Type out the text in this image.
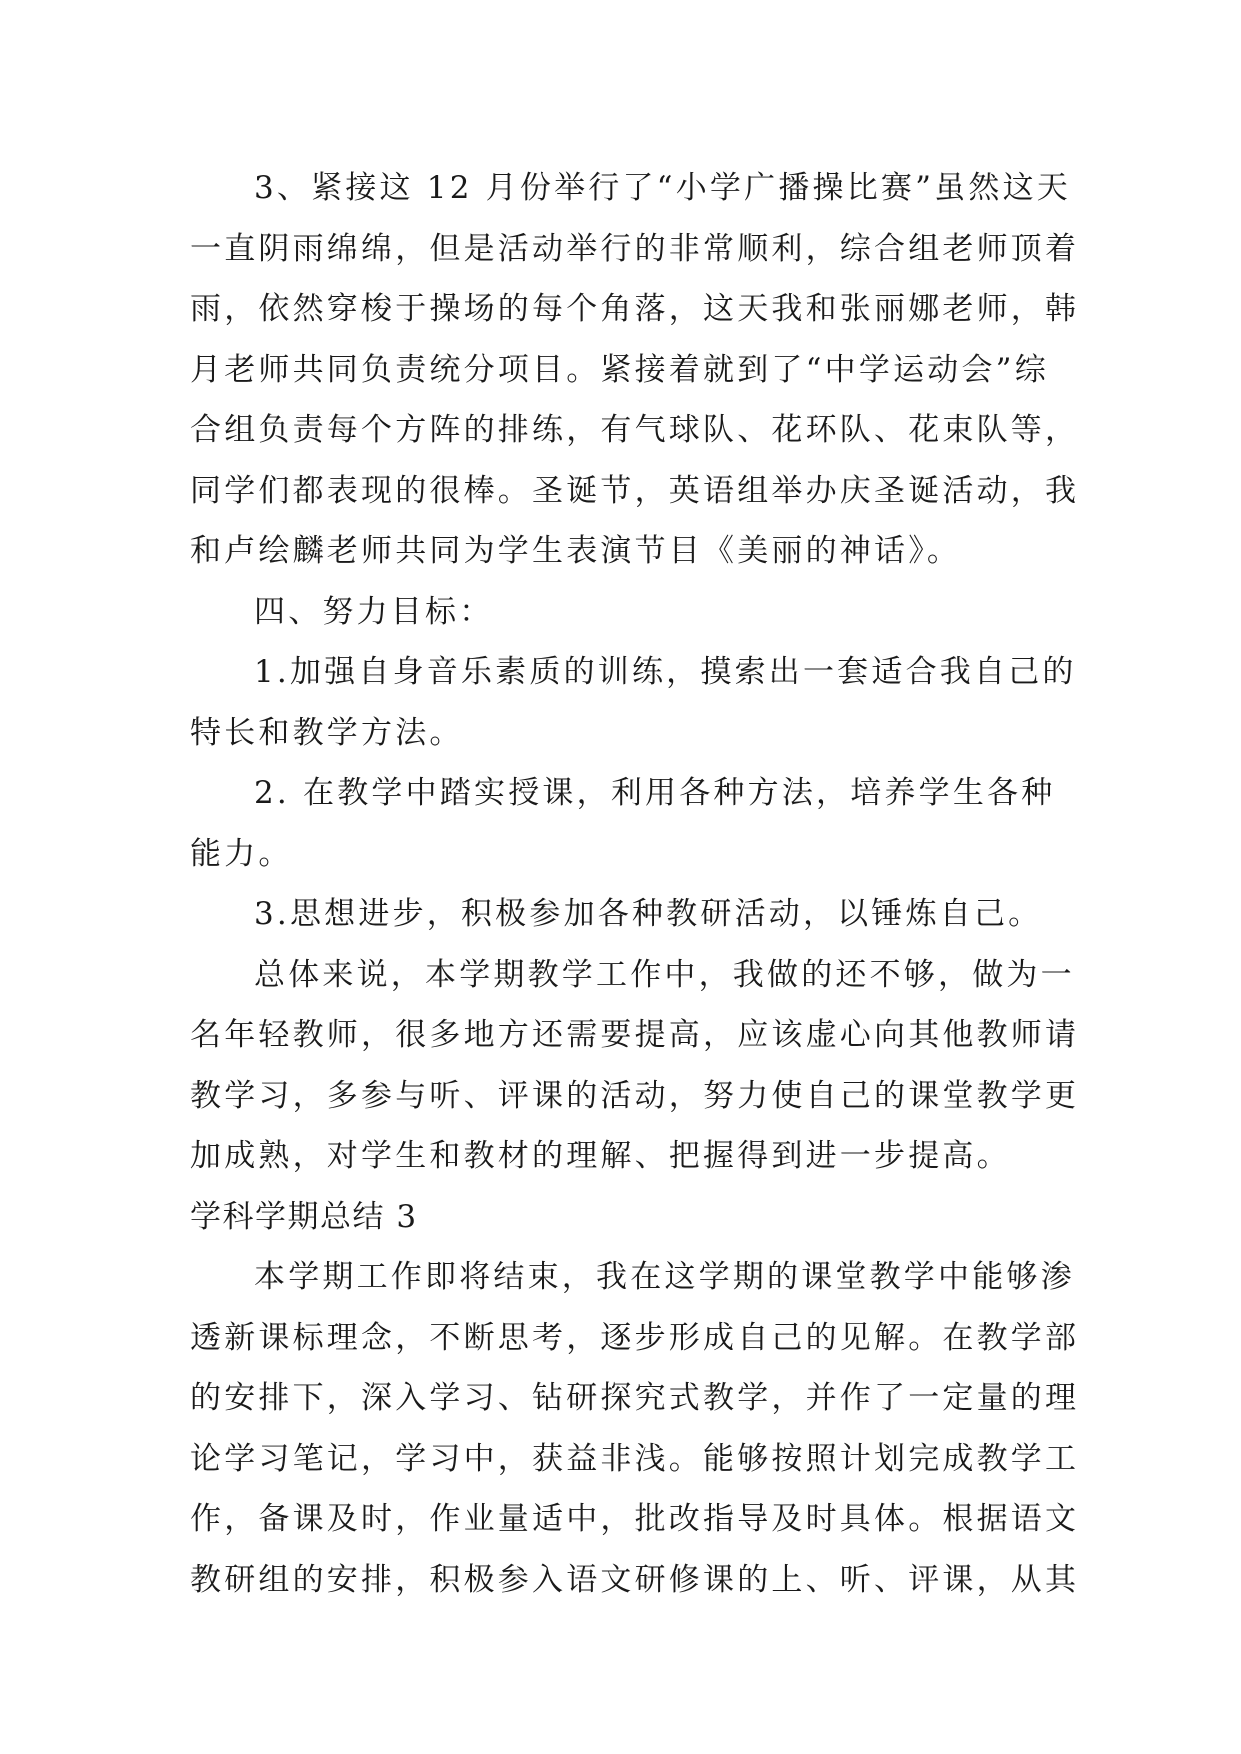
3、紧接这 12 月份举行了“小学广播操比赛”虽然这天
一直阴雨绵绵，但是活动举行的非常顺利，综合组老师顶着
雨，依然穿梭于操场的每个角落，这天我和张丽娜老师，韩
月老师共同负责统分项目。紧接着就到了“中学运动会”综
合组负责每个方阵的排练，有气球队、花环队、花束队等，
同学们都表现的很棒。圣诞节，英语组举办庆圣诞活动，我
和卢绘麟老师共同为学生表演节目《美丽的神话》。
四、努力目标：
1.加强自身音乐素质的训练，摸索出一套适合我自己的
特长和教学方法。
2. 在教学中踏实授课，利用各种方法，培养学生各种
能力。
3.思想进步，积极参加各种教研活动，以锤炼自己。
总体来说，本学期教学工作中，我做的还不够，做为一
名年轻教师，很多地方还需要提高，应该虚心向其他教师请
教学习，多参与听、评课的活动，努力使自己的课堂教学更
加成熟，对学生和教材的理解、把握得到进一步提高。
学科学期总结 3
本学期工作即将结束，我在这学期的课堂教学中能够渗
透新课标理念，不断思考，逐步形成自己的见解。在教学部
的安排下，深入学习、钻研探究式教学，并作了一定量的理
论学习笔记，学习中，获益非浅。能够按照计划完成教学工
作，备课及时，作业量适中，批改指导及时具体。根据语文
教研组的安排，积极参入语文研修课的上、听、评课，从其
